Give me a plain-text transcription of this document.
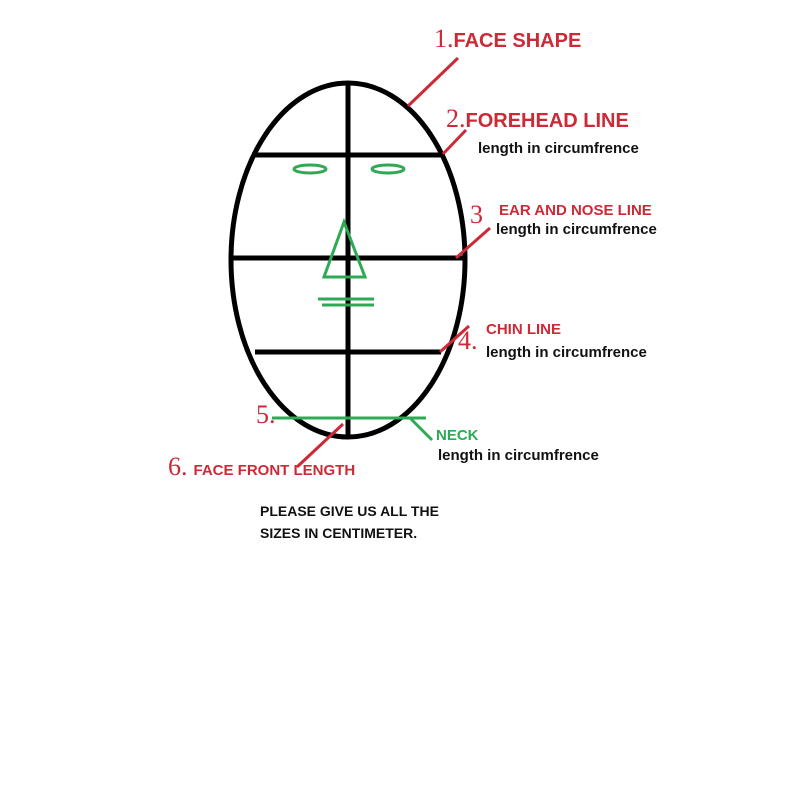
1.FACE SHAPE
2.FOREHEAD LINE
length in circumfrence
3 EAR AND NOSE LINE
length in circumfrence
CHIN LINE
4. length in circumfrence
5.
NECK
length in circumfrence
6. FACE FRONT LENGTH
PLEASE GIVE US ALL THE
SIZES IN CENTIMETER.
